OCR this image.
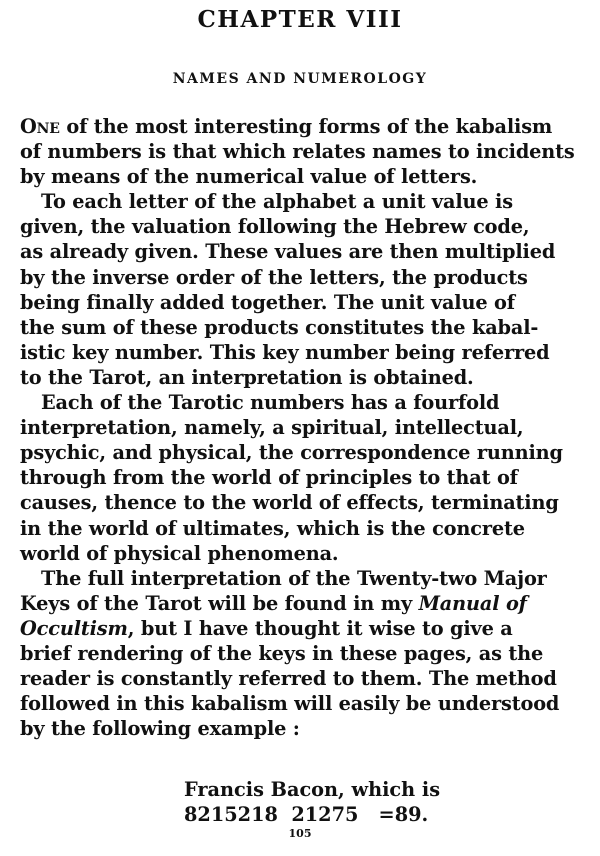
CHAPTER VIII
NAMES AND NUMEROLOGY
One of the most interesting forms of the kabalism
of numbers is that which relates names to incidents
by means of the numerical value of letters.
To each letter of the alphabet a unit value is
given, the valuation following the Hebrew code,
as already given. These values are then multiplied
by the inverse order of the letters, the products
being finally added together. The unit value of
the sum of these products constitutes the kabal-
istic key number. This key number being referred
to the Tarot, an interpretation is obtained.
Each of the Tarotic numbers has a fourfold
interpretation, namely, a spiritual, intellectual,
psychic, and physical, the correspondence running
through from the world of principles to that of
causes, thence to the world of effects, terminating
in the world of ultimates, which is the concrete
world of physical phenomena.
The full interpretation of the Twenty-two Major
Keys of the Tarot will be found in my Manual of
Occultism, but I have thought it wise to give a
brief rendering of the keys in these pages, as the
reader is constantly referred to them. The method
followed in this kabalism will easily be understood
by the following example :
Francis Bacon, which is
8215218  21275   =89.
105
